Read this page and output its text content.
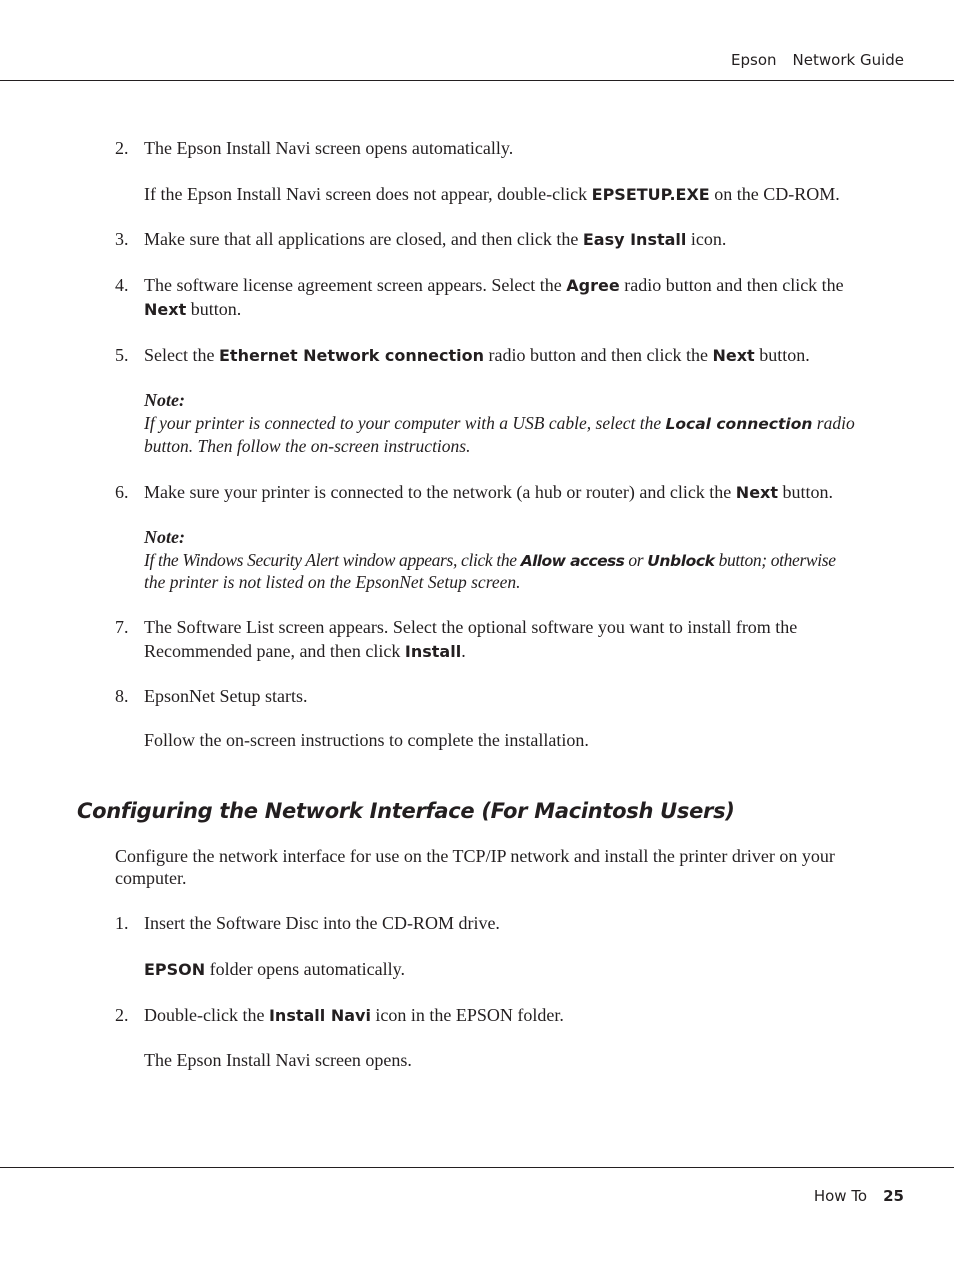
Epson Network Guide
2. The Epson Install Navi screen opens automatically.
If the Epson Install Navi screen does not appear, double-click EPSETUP.EXE on the CD-ROM.
3. Make sure that all applications are closed, and then click the Easy Install icon.
4. The software license agreement screen appears. Select the Agree radio button and then click the
Next button.
5. Select the Ethernet Network connection radio button and then click the Next button.
Note:
If your printer is connected to your computer with a USB cable, select the Local connection radio
button. Then follow the on-screen instructions.
6. Make sure your printer is connected to the network (a hub or router) and click the Next button.
Note:
If the Windows Security Alert window appears, click the Allow access or Unblock button; otherwise
the printer is not listed on the EpsonNet Setup screen.
7. The Software List screen appears. Select the optional software you want to install from the
Recommended pane, and then click Install.
8. EpsonNet Setup starts.
Follow the on-screen instructions to complete the installation.
Configuring the Network Interface (For Macintosh Users)
Configure the network interface for use on the TCP/IP network and install the printer driver on your
computer.
1. Insert the Software Disc into the CD-ROM drive.
EPSON folder opens automatically.
2. Double-click the Install Navi icon in the EPSON folder.
The Epson Install Navi screen opens.
How To 25
